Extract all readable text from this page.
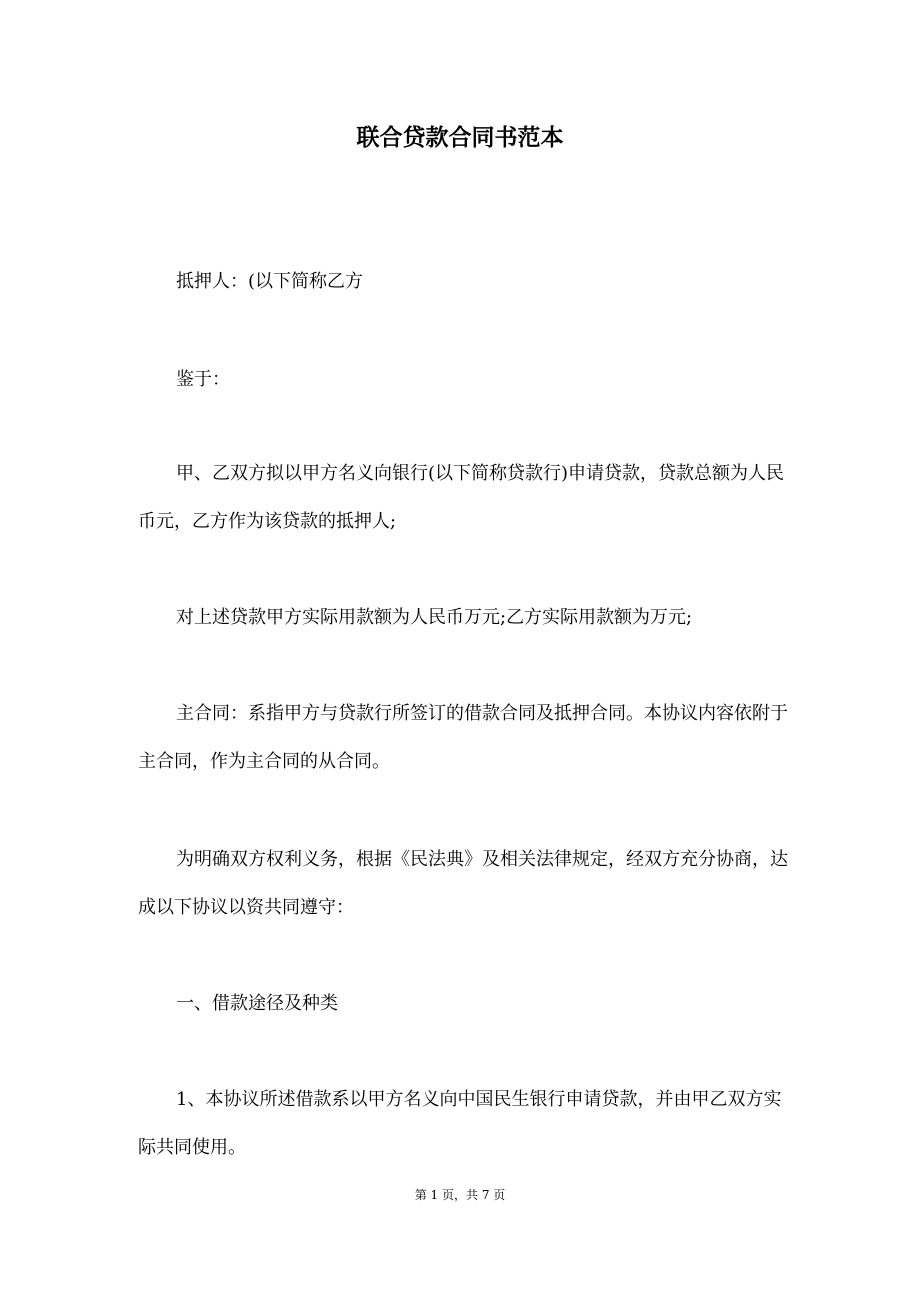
联合贷款合同书范本

抵押人：(以下简称乙方

鉴于：

甲、乙双方拟以甲方名义向银行(以下简称贷款行)申请贷款，贷款总额为人民币元，乙方作为该贷款的抵押人;

对上述贷款甲方实际用款额为人民币万元;乙方实际用款额为万元;

主合同：系指甲方与贷款行所签订的借款合同及抵押合同。本协议内容依附于主合同，作为主合同的从合同。

为明确双方权利义务，根据《民法典》及相关法律规定，经双方充分协商，达成以下协议以资共同遵守：

一、借款途径及种类

1、本协议所述借款系以甲方名义向中国民生银行申请贷款，并由甲乙双方实际共同使用。

第 1 页，共 7 页
